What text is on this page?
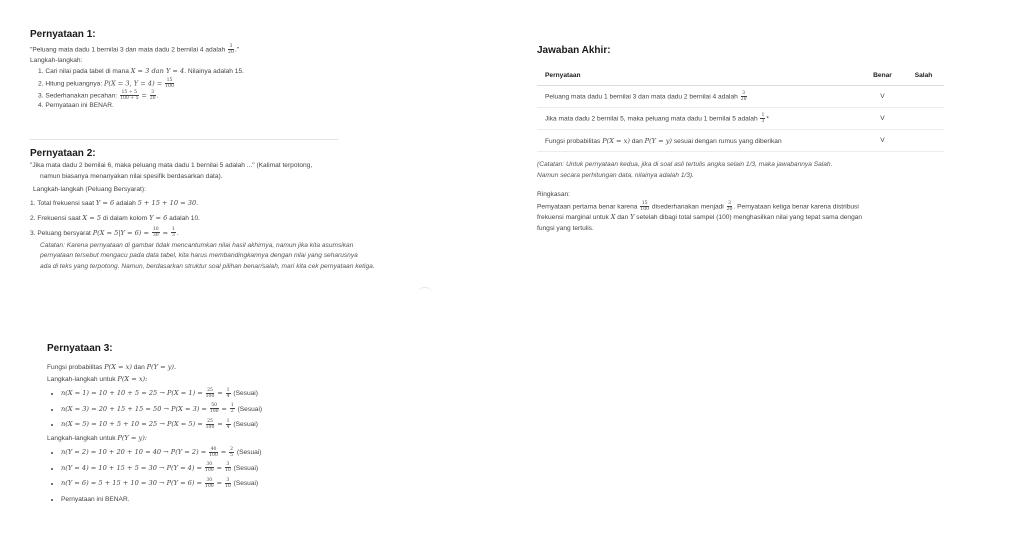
Pernyataan 1:
"Peluang mata dadu 1 bernilai 3 dan mata dadu 2 bernilai 4 adalah $\frac{3}{20}$ ."
Langkah-langkah:
1. Cari nilai pada tabel di mana X = 3 dan Y = 4. Nilainya adalah 15.
2. Hitung peluangnya: P(X = 3, $Y = 4) = \frac{15}{100}$
3. Sederhanakan pecahan: $\frac{15 \div 5}{100 \div 5} = \frac{3}{20}$ .
4. Pernyataan ini BENAR.
Pernyataan 2:
"Jika mata dadu 2 bernilai 6, maka peluang mata dadu 1 bernilai 5 adalah ..." (Kalimat terpotong,
namun biasanya menanyakan nilai spesifik berdasarkan data).
Langkah-langkah (Peluang Bersyarat):
1. Total frekuensi saat Y = 6 adalah 5 + 15 + 10 = 30.
2. Frekuensi saat X = 5 di dalam kolom Y = 6 adalah 10.
3. Peluang bersyarat $P(X = 5|Y = 6) = \frac{10}{30} = \frac{1}{3}$ .
Catatan: Karena pernyataan di gambar tidak mencantumkan nilai hasil akhirnya, namun jika kita asumsikan
pernyataan tersebut mengacu pada data tabel, kita harus membandingkannya dengan nilai yang seharusnya
ada di teks yang terpotong. Namun, berdasarkan struktur soal pilihan benar/salah, mari kita cek pernyataan ketiga.
Pernyataan 3:
Fungsi probabilitas P(X = x) dan P(Y = y).
Langkah-langkah untuk P(X = x):
• $n(X = 1) = 10 + 10 + 5 = 25 \to P(X = 1) = \frac{25}{100} = \frac{1}{4}$ (Sesuai)
• $n(X = 3) = 20 + 15 + 15 = 50 \to P(X = 3) = \frac{50}{100} = \frac{1}{2}$ (Sesuai)
• $n(X = 5) = 10 + 5 + 10 = 25 \to P(X = 5) = \frac{25}{100} = \frac{1}{4}$ (Sesuai)
Langkah-langkah untuk P(Y = y):
• $n(Y = 2) = 10 + 20 + 10 = 40 \to P(Y = 2) = \frac{40}{100} = \frac{2}{5}$ (Sesuai)
• $n(Y = 4) = 10 + 15 + 5 = 30 \to P(Y = 4) = \frac{30}{100} = \frac{3}{10}$ (Sesuai)
• $n(Y = 6) = 5 + 15 + 10 = 30 \to P(Y = 6) = \frac{30}{100} = \frac{3}{10}$ (Sesuai)
• Pernyataan ini BENAR.
Jawaban Akhir:
Pernyataan	Benar	Salah
Peluang mata dadu 1 bernilai 3 dan mata dadu 2 bernilai 4 adalah $\frac{3}{20}$	V	
Jika mata dadu 2 bernilai 5, maka peluang mata dadu 1 bernilai 5 adalah $\frac{1}{3}$ *	V	
Fungsi probabilitas P(X = x) dan P(Y = y) sesuai dengan rumus yang diberikan	V	
(Catatan: Untuk pernyataan kedua, jika di soal asli tertulis angka selain 1/3, maka jawabannya Salah.
Namun secara perhitungan data, nilainya adalah 1/3).
Ringkasan:
Pernyataan pertama benar karena $\frac{15}{100}$ disederhanakan menjadi $\frac{3}{20}$ . Pernyataan ketiga benar karena distribusi
frekuensi marginal untuk X dan Y setelah dibagi total sampel (100) menghasilkan nilai yang tepat sama dengan
fungsi yang tertulis.
